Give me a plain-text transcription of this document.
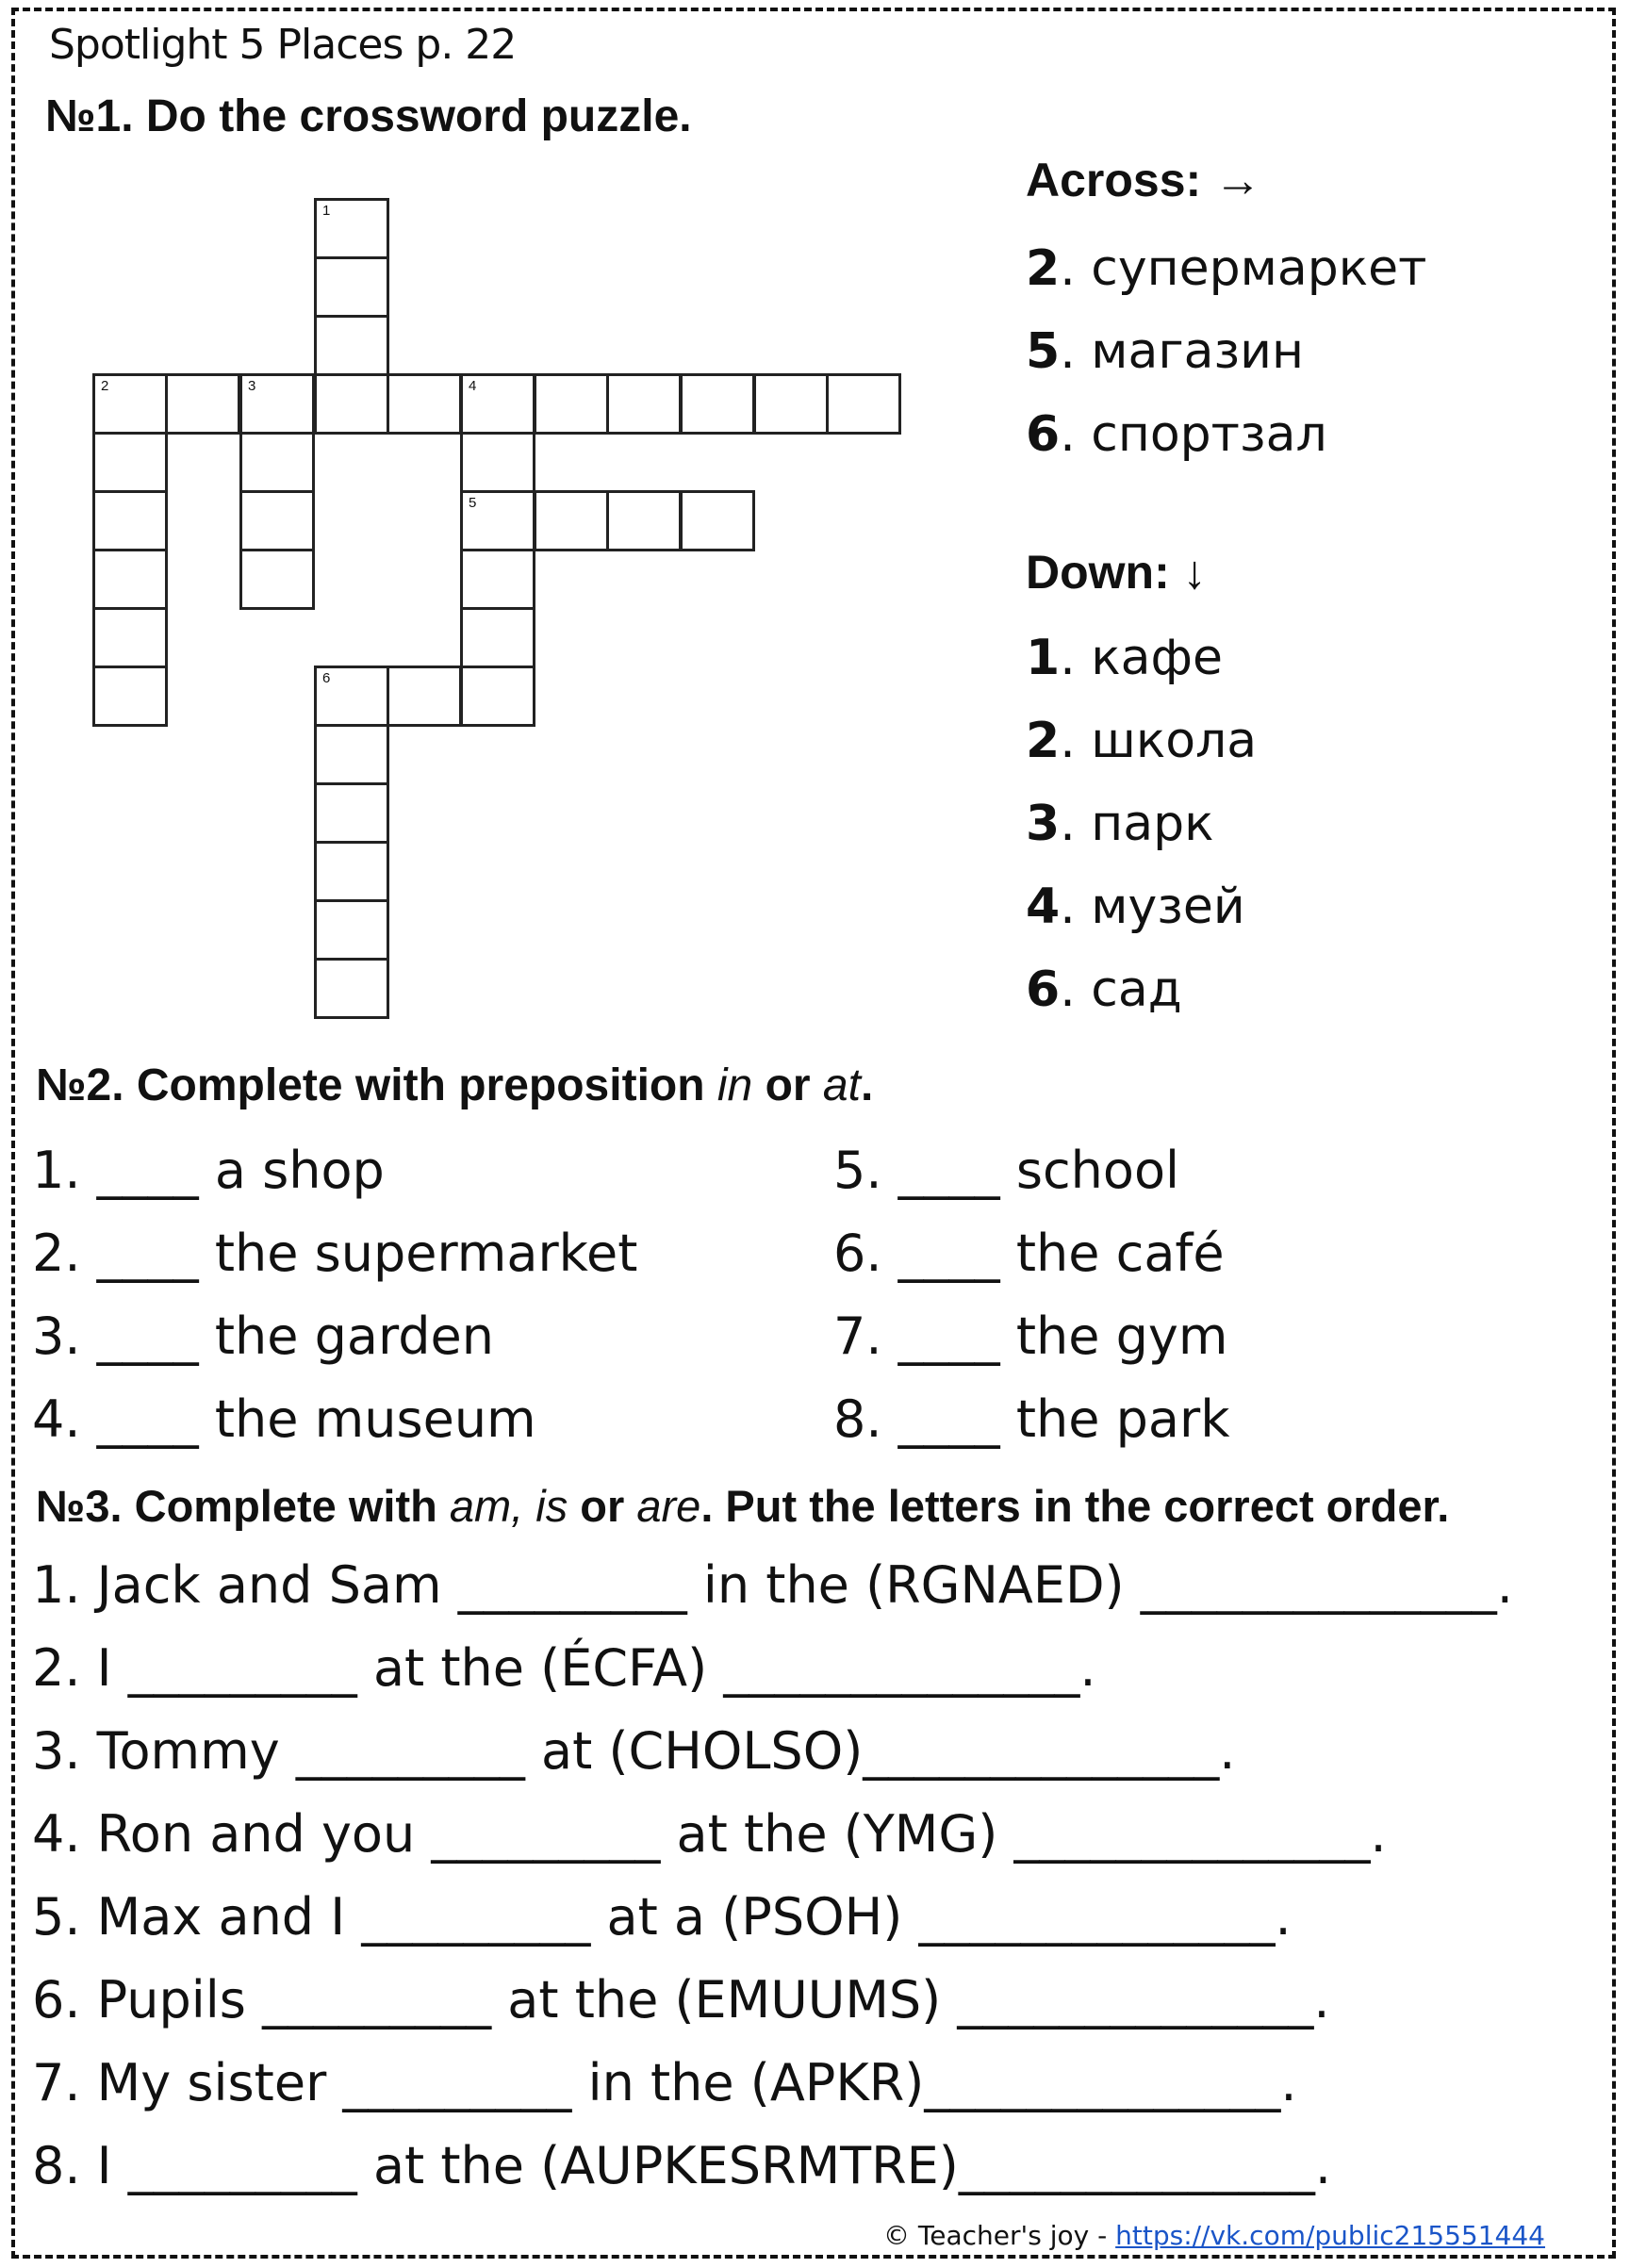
Spotlight 5 Places p. 22
№1. Do the crossword puzzle.
1
2	3	4
5
6
Across: →
2. супермаркет
5. магазин
6. спортзал
Down: ↓
1. кафе
2. школа
3. парк
4. музей
6. сад
№2. Complete with preposition in or at.
1. ____ a shop
2. ____ the supermarket
3. ____ the garden
4. ____ the museum
5. ____ school
6. ____ the café
7. ____ the gym
8. ____ the park
№3. Complete with am, is or are. Put the letters in the correct order.
1. Jack and Sam _________ in the (RGNAED) ______________.
2. I _________ at the (ÉCFA) ______________.
3. Tommy _________ at (CHOLSO)______________.
4. Ron and you _________ at the (YMG) ______________.
5. Max and I _________ at a (PSOH) ______________.
6. Pupils _________ at the (EMUUMS) ______________.
7. My sister _________ in the (APKR)______________.
8. I _________ at the (AUPKESRMTRE)______________.
© Teacher's joy - https://vk.com/public215551444
